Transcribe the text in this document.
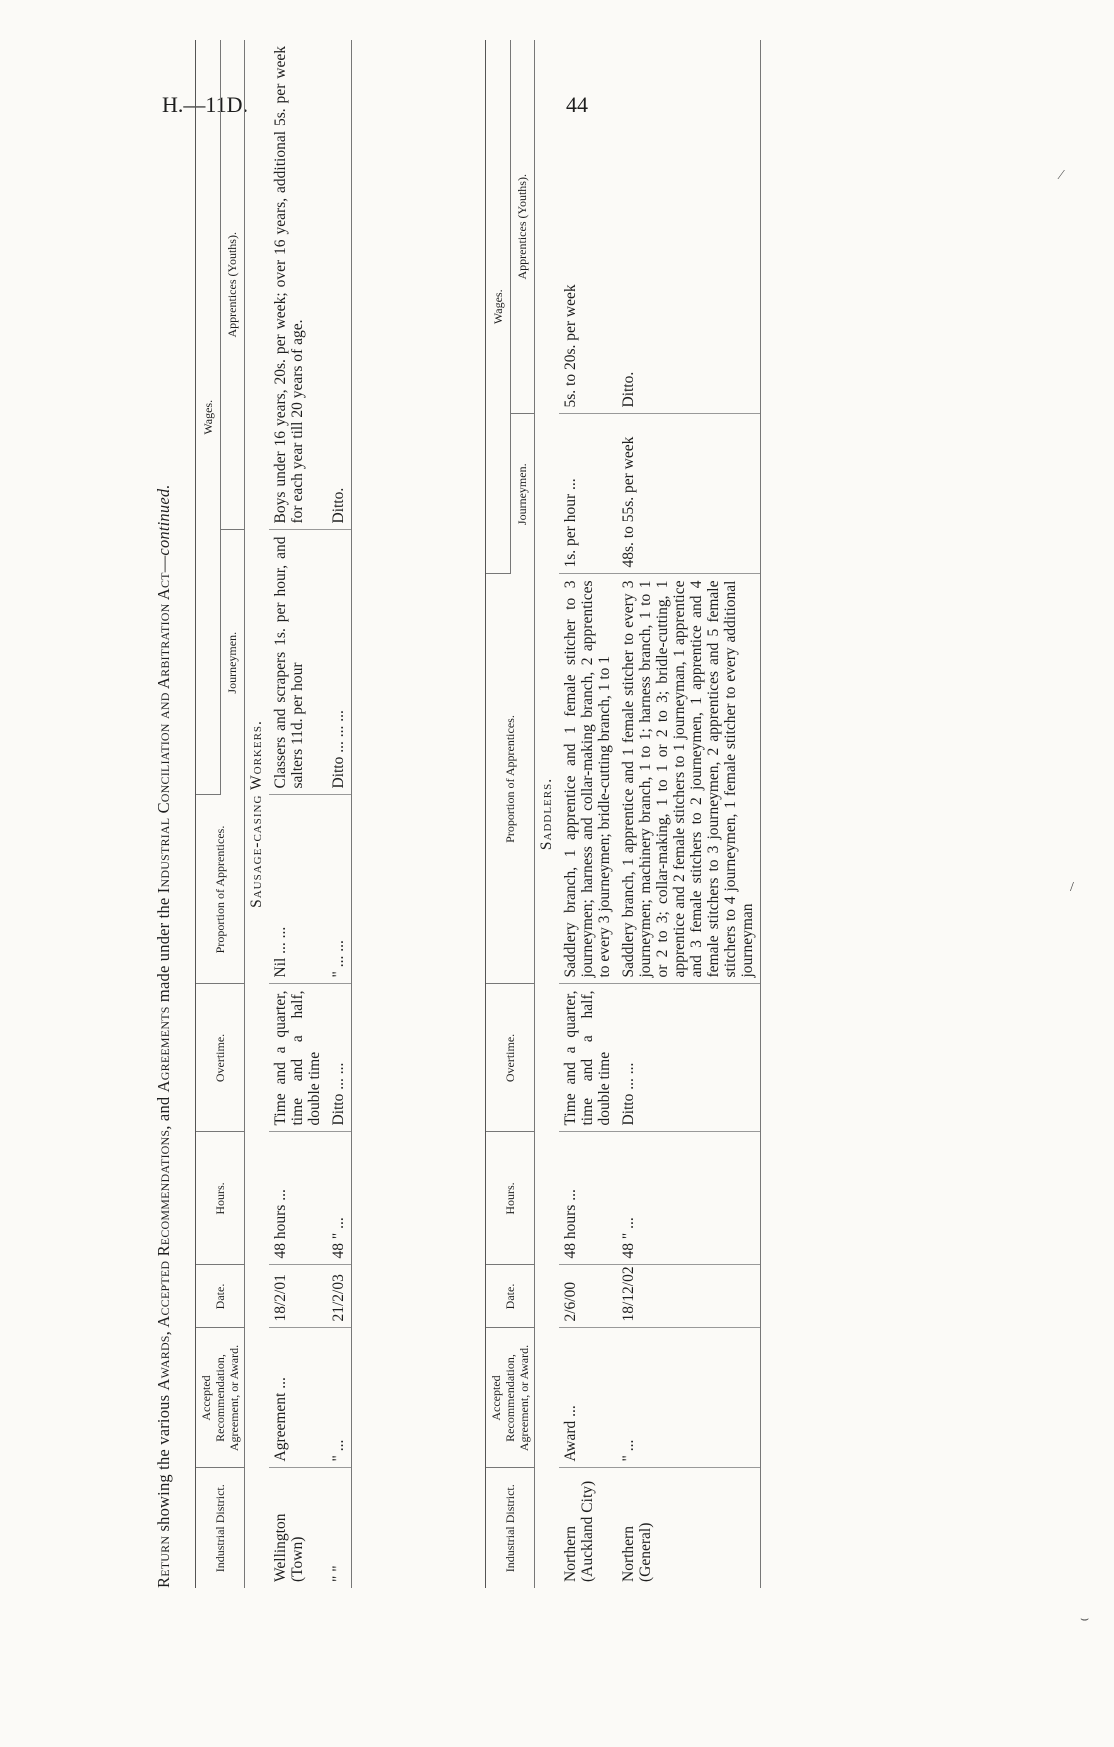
H.—11D.	44
Return showing the various Awards, Accepted Recommendations, and Agreements made under the Industrial Conciliation and Arbitration Act—continued.
Industrial District.	Accepted Recommendation, Agreement, or Award.	Date.	Hours.	Overtime.	Proportion of Apprentices.	Wages.	
						Journeymen.	Apprentices (Youths).
Sausage-casing Workers.							
Wellington (Town)	Agreement ...	18/2/01	48 hours ...	Time and a quarter, time and a half, double time	Nil ... ...	Classers and scrapers 1s. per hour, and salters 11d. per hour	Boys under 16 years, 20s. per week; over 16 years, additional 5s. per week for each year till 20 years of age.
" "	" ...	21/2/03	48 " ...	Ditto ... ...	" ... ...	Ditto ... ... ...	Ditto.
Industrial District.	Accepted Recommendation, Agreement, or Award.	Date.	Hours.	Overtime.	Proportion of Apprentices.	Wages.	
						Journeymen.	Apprentices (Youths).
Saddlers.							
Northern (Auckland City)	Award ...	2/6/00	48 hours ...	Time and a quarter, time and a half, double time	Saddlery branch, 1 apprentice and 1 female stitcher to 3 journeymen; harness and collar-making branch, 2 apprentices to every 3 journeymen; bridle-cutting branch, 1 to 1	1s. per hour ...	5s. to 20s. per week
Northern (General)	" ...	18/12/02	48 " ...	Ditto ... ...	Saddlery branch, 1 apprentice and 1 female stitcher to every 3 journeymen; machinery branch, 1 to 1; harness branch, 1 to 1 or 2 to 3; collar-making, 1 to 1 or 2 to 3; bridle-cutting, 1 apprentice and 2 female stitchers to 1 journeyman, 1 apprentice and 3 female stitchers to 2 journeymen, 1 apprentice and 4 female stitchers to 3 journeymen, 2 apprentices and 5 female stitchers to 4 journeymen, 1 female stitcher to every additional journeyman	48s. to 55s. per week	Ditto.
⁄
/
⌣
